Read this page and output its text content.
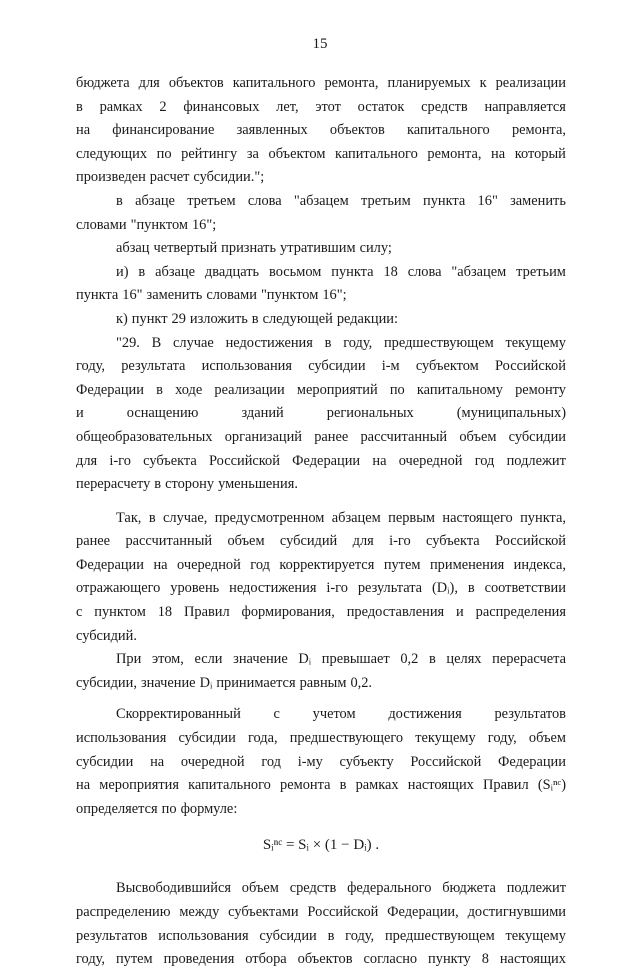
15
бюджета для объектов капитального ремонта, планируемых к реализации
в рамках 2 финансовых лет, этот остаток средств направляется
на финансирование заявленных объектов капитального ремонта,
следующих по рейтингу за объектом капитального ремонта, на который
произведен расчет субсидии.";
в абзаце третьем слова "абзацем третьим пункта 16" заменить
словами "пунктом 16";
абзац четвертый признать утратившим силу;
и) в абзаце двадцать восьмом пункта 18 слова "абзацем третьим
пункта 16" заменить словами "пунктом 16";
к) пункт 29 изложить в следующей редакции:
"29. В случае недостижения в году, предшествующем текущему
году, результата использования субсидии i-м субъектом Российской
Федерации в ходе реализации мероприятий по капитальному ремонту
и	оснащению	зданий	региональных	(муниципальных)
общеобразовательных организаций ранее рассчитанный объем субсидии
для i-го субъекта Российской Федерации на очередной год подлежит
перерасчету в сторону уменьшения.
Так, в случае, предусмотренном абзацем первым настоящего пункта,
ранее рассчитанный объем субсидий для i-го субъекта Российской
Федерации на очередной год корректируется путем применения индекса,
отражающего уровень недостижения i-го результата (Dᵢ), в соответствии
с пунктом 18 Правил формирования, предоставления и распределения
субсидий.
При этом, если значение Dᵢ превышает 0,2 в целях перерасчета
субсидии, значение Dᵢ принимается равным 0,2.
Скорректированный с учетом достижения результатов
использования субсидии года, предшествующего текущему году, объем
субсидии на очередной год i-му субъекту Российской Федерации
на мероприятия капитального ремонта в рамках настоящих Правил (Sᵢⁿᶜ)
определяется по формуле:
Sᵢⁿᶜ = Sᵢ × (1 − Dᵢ) .
Высвободившийся объем средств федерального бюджета подлежит
распределению между субъектами Российской Федерации, достигнувшими
результатов использования субсидии в году, предшествующем текущему
году, путем проведения отбора объектов согласно пункту 8 настоящих
